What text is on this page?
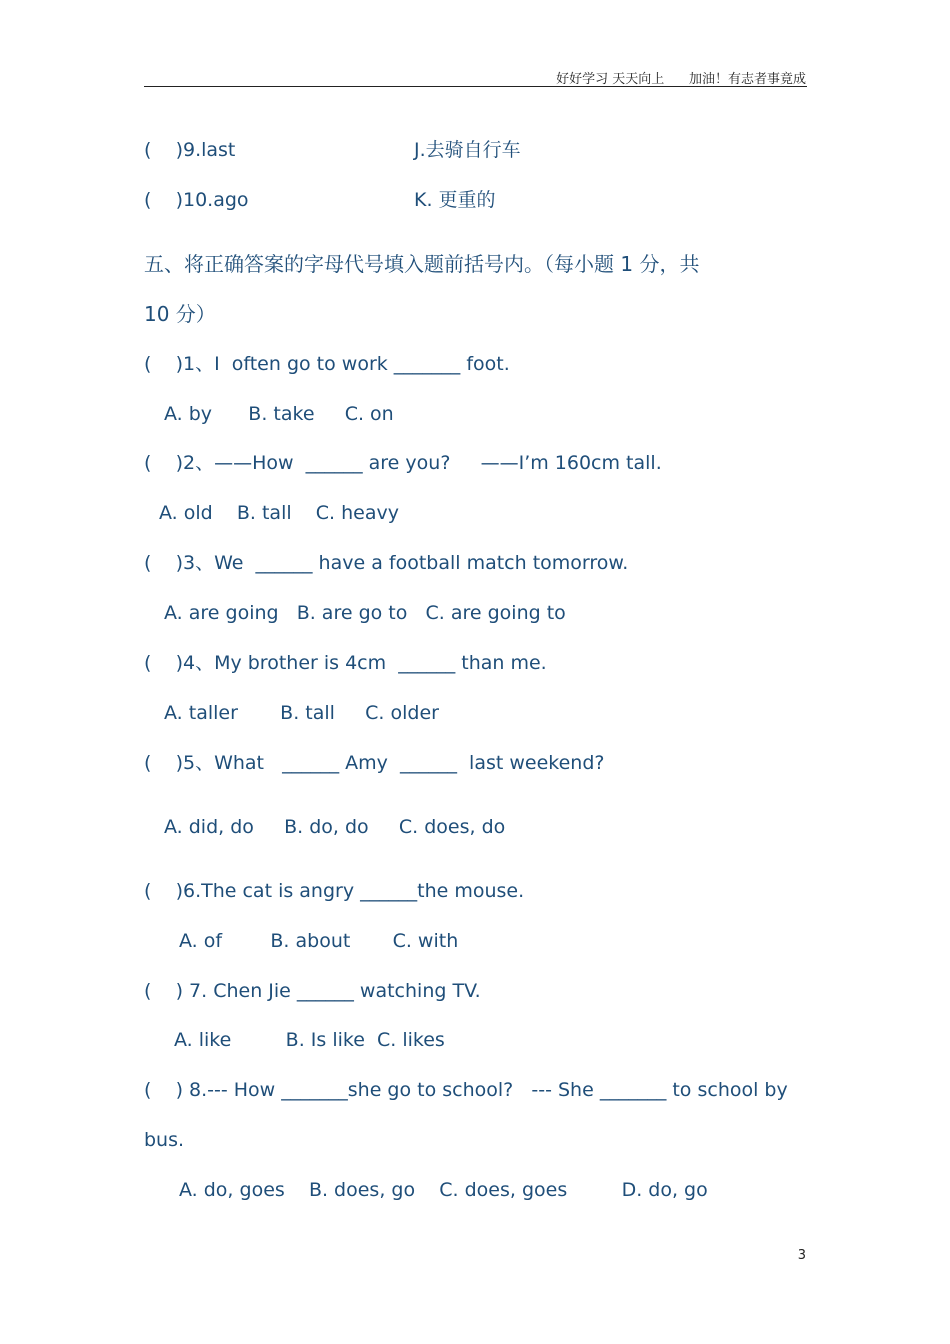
好好学习 天天向上      加油！有志者事竟成
(    )9.last	J.去骑自行车
(    )10.ago	K. 更重的
五、将正确答案的字母代号填入题前括号内。（每小题 1 分，共
10 分）
(    )1、I  often go to work _______ foot.
A. by      B. take     C. on
(    )2、——How  ______ are you?     ——I’m 160cm tall.
A. old    B. tall    C. heavy
(    )3、We  ______ have a football match tomorrow.
A. are going   B. are go to   C. are going to
(    )4、My brother is 4cm  ______ than me.
A. taller       B. tall     C. older
(    )5、What   ______ Amy  ______  last weekend?
A. did, do     B. do, do     C. does, do
(    )6.The cat is angry ______the mouse.
A. of        B. about       C. with
(    ) 7. Chen Jie ______ watching TV.
A. like         B. Is like  C. likes
(    ) 8.--- How _______she go to school?   --- She _______ to school by
bus.
A. do, goes    B. does, go    C. does, goes         D. do, go
3
